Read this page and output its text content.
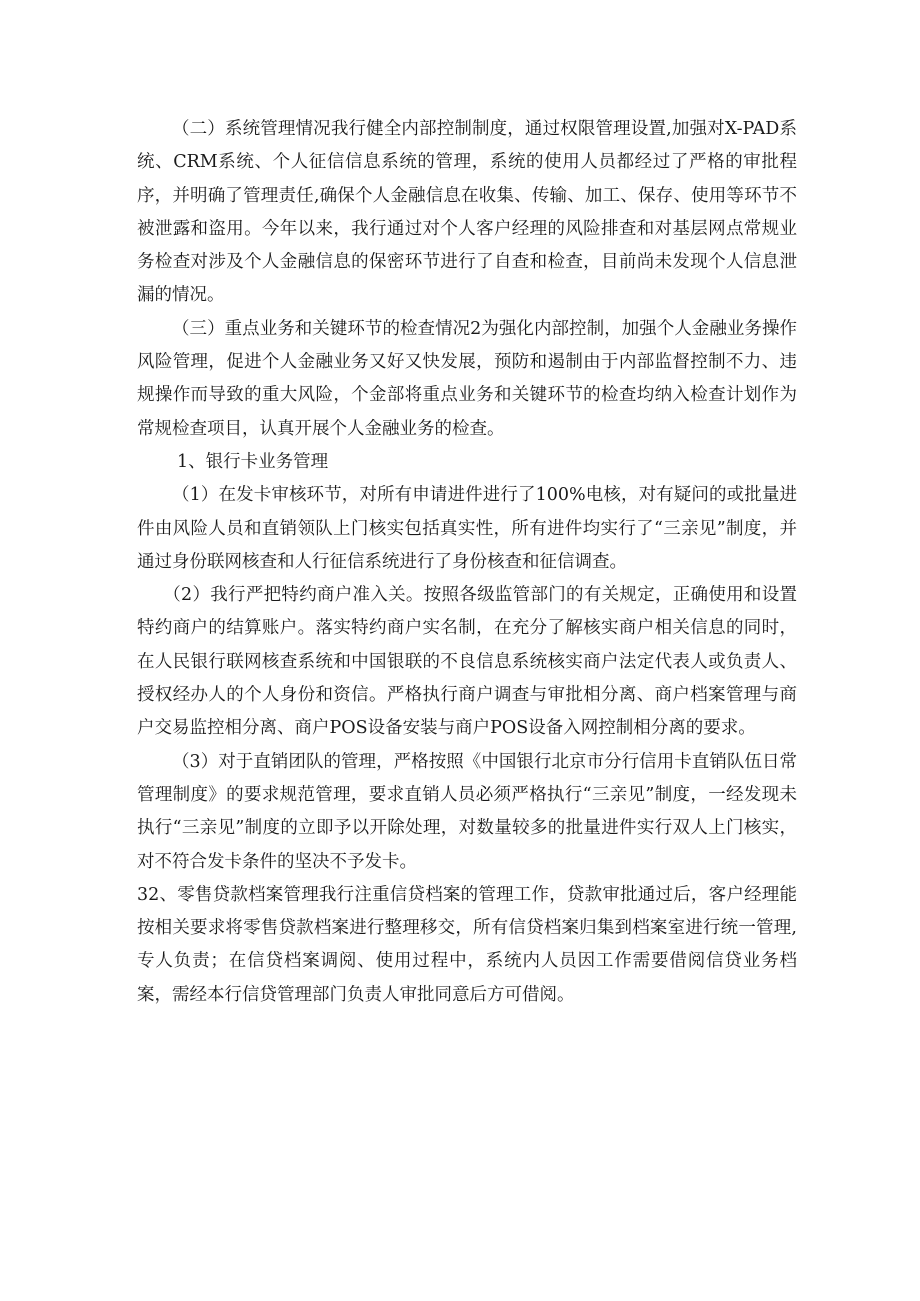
（二）系统管理情况我行健全内部控制制度，通过权限管理设置,加强对X-PAD系统、CRM系统、个人征信信息系统的管理，系统的使用人员都经过了严格的审批程序，并明确了管理责任,确保个人金融信息在收集、传输、加工、保存、使用等环节不被泄露和盗用。今年以来，我行通过对个人客户经理的风险排查和对基层网点常规业务检查对涉及个人金融信息的保密环节进行了自查和检查，目前尚未发现个人信息泄漏的情况。

（三）重点业务和关键环节的检查情况2为强化内部控制，加强个人金融业务操作风险管理，促进个人金融业务又好又快发展，预防和遏制由于内部监督控制不力、违规操作而导致的重大风险，个金部将重点业务和关键环节的检查均纳入检查计划作为常规检查项目，认真开展个人金融业务的检查。

1、银行卡业务管理

（1）在发卡审核环节，对所有申请进件进行了100%电核，对有疑问的或批量进件由风险人员和直销领队上门核实包括真实性，所有进件均实行了“三亲见”制度，并通过身份联网核查和人行征信系统进行了身份核查和征信调查。

（2）我行严把特约商户准入关。按照各级监管部门的有关规定，正确使用和设置特约商户的结算账户。落实特约商户实名制，在充分了解核实商户相关信息的同时，在人民银行联网核查系统和中国银联的不良信息系统核实商户法定代表人或负责人、授权经办人的个人身份和资信。严格执行商户调查与审批相分离、商户档案管理与商户交易监控相分离、商户POS设备安装与商户POS设备入网控制相分离的要求。

（3）对于直销团队的管理，严格按照《中国银行北京市分行信用卡直销队伍日常管理制度》的要求规范管理，要求直销人员必须严格执行“三亲见”制度，一经发现未执行“三亲见”制度的立即予以开除处理，对数量较多的批量进件实行双人上门核实，对不符合发卡条件的坚决不予发卡。

32、零售贷款档案管理我行注重信贷档案的管理工作，贷款审批通过后，客户经理能按相关要求将零售贷款档案进行整理移交，所有信贷档案归集到档案室进行统一管理,专人负责；在信贷档案调阅、使用过程中，系统内人员因工作需要借阅信贷业务档案，需经本行信贷管理部门负责人审批同意后方可借阅。
